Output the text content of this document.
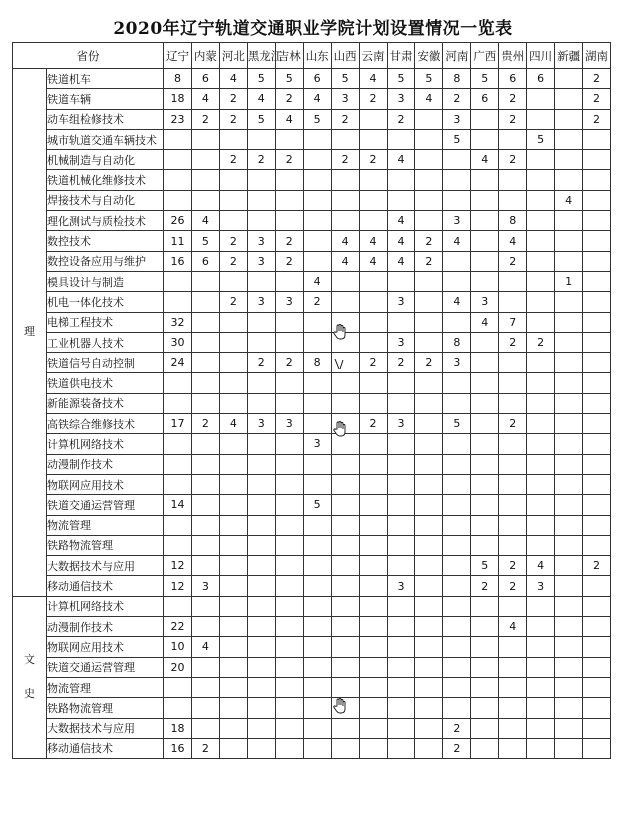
2020年辽宁轨道交通职业学院计划设置情况一览表
省份		辽宁	内蒙	河北	黑龙江	吉林	山东	山西	云南	甘肃	安徽	河南	广西	贵州	四川	新疆	湖南
理	铁道机车	8	6	4	5	5	6	5	4	5	5	8	5	6	6		2
	铁道车辆	18	4	2	4	2	4	3	2	3	4	2	6	2			2
	动车组检修技术	23	2	2	5	4	5	2		2		3		2			2
	城市轨道交通车辆技术											5			5		
	机械制造与自动化			2	2	2		2	2	4			4	2			
	铁道机械化维修技术																
	焊接技术与自动化															4	
	理化测试与质检技术	26	4							4		3		8			
	数控技术	11	5	2	3	2		4	4	4	2	4		4			
	数控设备应用与维护	16	6	2	3	2		4	4	4	2			2			
	模具设计与制造						4									1	
	机电一体化技术			2	3	3	2			3		4	3				
	电梯工程技术	32											4	7			
	工业机器人技术	30								3		8		2	2		
	铁道信号自动控制	24			2	2	8		2	2	2	3					
	铁道供电技术																
	新能源装备技术																
	高铁综合维修技术	17	2	4	3	3			2	3		5		2			
	计算机网络技术						3										
	动漫制作技术																
	物联网应用技术																
	铁道交通运营管理	14					5										
	物流管理																
	铁路物流管理																
	大数据技术与应用	12											5	2	4		2
	移动通信技术	12	3							3			2	2	3		
文
史	计算机网络技术																
	动漫制作技术	22												4			
	物联网应用技术	10	4														
	铁道交通运营管理	20															
	物流管理																
	铁路物流管理																
	大数据技术与应用	18										2					
	移动通信技术	16	2									2					
